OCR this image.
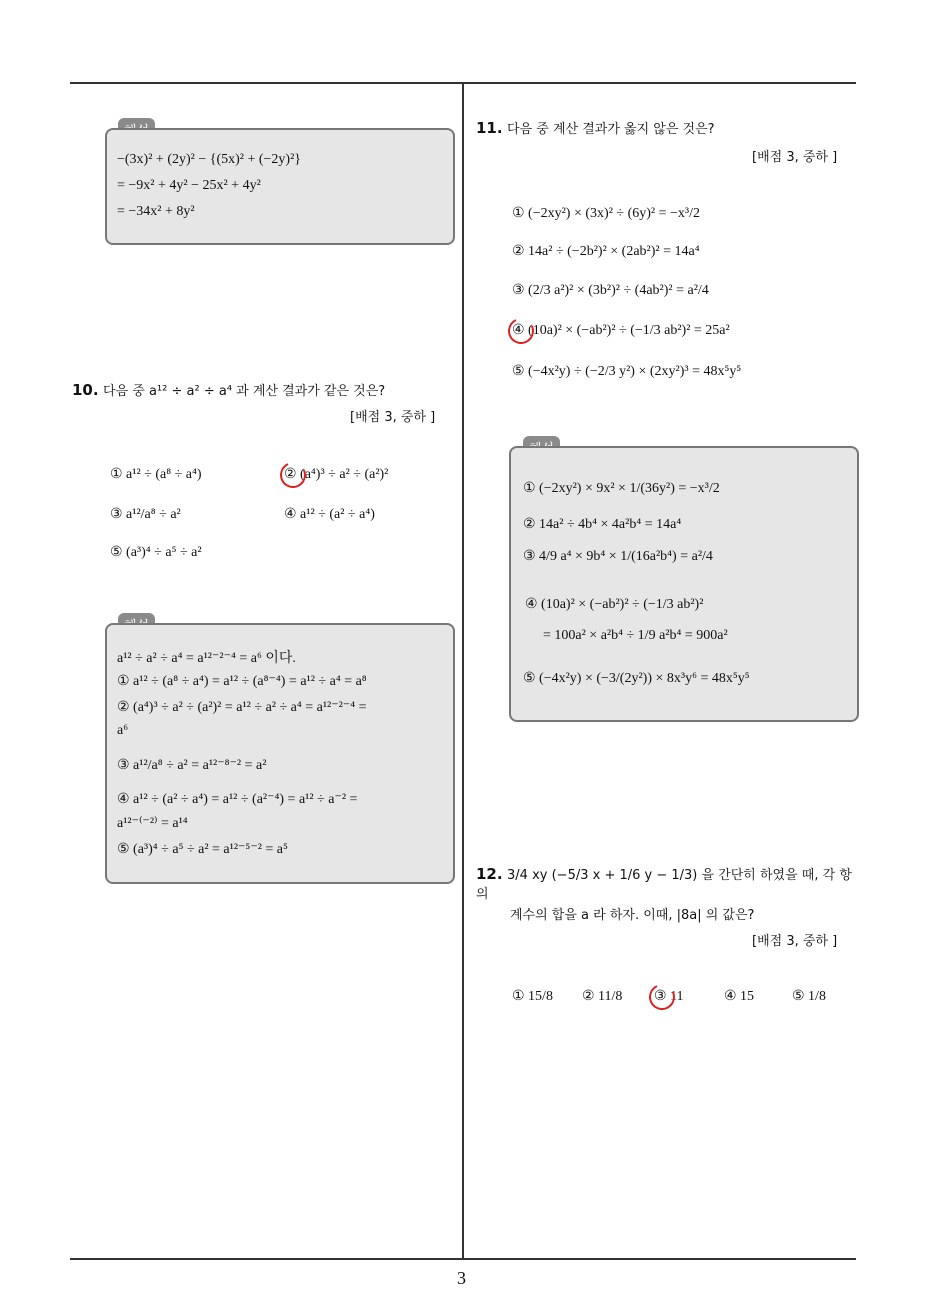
−(3x)² + (2y)² − {(5x)² + (−2y)²}
= −9x² + 4y² − 25x² + 4y²
= −34x² + 8y²
10. 다음 중 a¹² ÷ a² ÷ a⁴ 과 계산 결과가 같은 것은?
[배점 3, 중하 ]
① a¹² ÷ (a⁸ ÷ a⁴)	② (a⁴)³ ÷ a² ÷ (a²)²
③ a¹²/a⁸ ÷ a²	④ a¹² ÷ (a² ÷ a⁴)
⑤ (a³)⁴ ÷ a⁵ ÷ a²
a¹² ÷ a² ÷ a⁴ = a¹²⁻²⁻⁴ = a⁶ 이다.
① a¹² ÷ (a⁸ ÷ a⁴) = a¹² ÷ (a⁸⁻⁴) = a¹² ÷ a⁴ = a⁸
② (a⁴)³ ÷ a² ÷ (a²)² = a¹² ÷ a² ÷ a⁴ = a¹²⁻²⁻⁴ =
a⁶
③ a¹²/a⁸ ÷ a² = a¹²⁻⁸⁻² = a²
④ a¹² ÷ (a² ÷ a⁴) = a¹² ÷ (a²⁻⁴) = a¹² ÷ a⁻² =
a¹²⁻⁽⁻²⁾ = a¹⁴
⑤ (a³)⁴ ÷ a⁵ ÷ a² = a¹²⁻⁵⁻² = a⁵
11. 다음 중 계산 결과가 옳지 않은 것은?
[배점 3, 중하 ]
① (−2xy²) × (3x)² ÷ (6y)² = −x³/2
② 14a² ÷ (−2b²)² × (2ab²)² = 14a⁴
③ (2/3 a²)² × (3b²)² ÷ (4ab²)² = a²/4
④ (10a)² × (−ab²)² ÷ (−1/3 ab²)² = 25a²
⑤ (−4x²y) ÷ (−2/3 y²) × (2xy²)³ = 48x⁵y⁵
① (−2xy²) × 9x² × 1/(36y²) = −x³/2
② 14a² ÷ 4b⁴ × 4a²b⁴ = 14a⁴
③ 4/9 a⁴ × 9b⁴ × 1/(16a²b⁴) = a²/4
④ (10a)² × (−ab²)² ÷ (−1/3 ab²)²
= 100a² × a²b⁴ ÷ 1/9 a²b⁴ = 900a²
⑤ (−4x²y) × (−3/(2y²)) × 8x³y⁶ = 48x⁵y⁵
12. 3/4 xy (−5/3 x + 1/6 y − 1/3) 을 간단히 하였을 때, 각 항의
계수의 합을 a 라 하자. 이때, |8a| 의 값은?
[배점 3, 중하 ]
① 15/8 ② 11/8 ③ 11	④ 15	⑤ 1/8
3
